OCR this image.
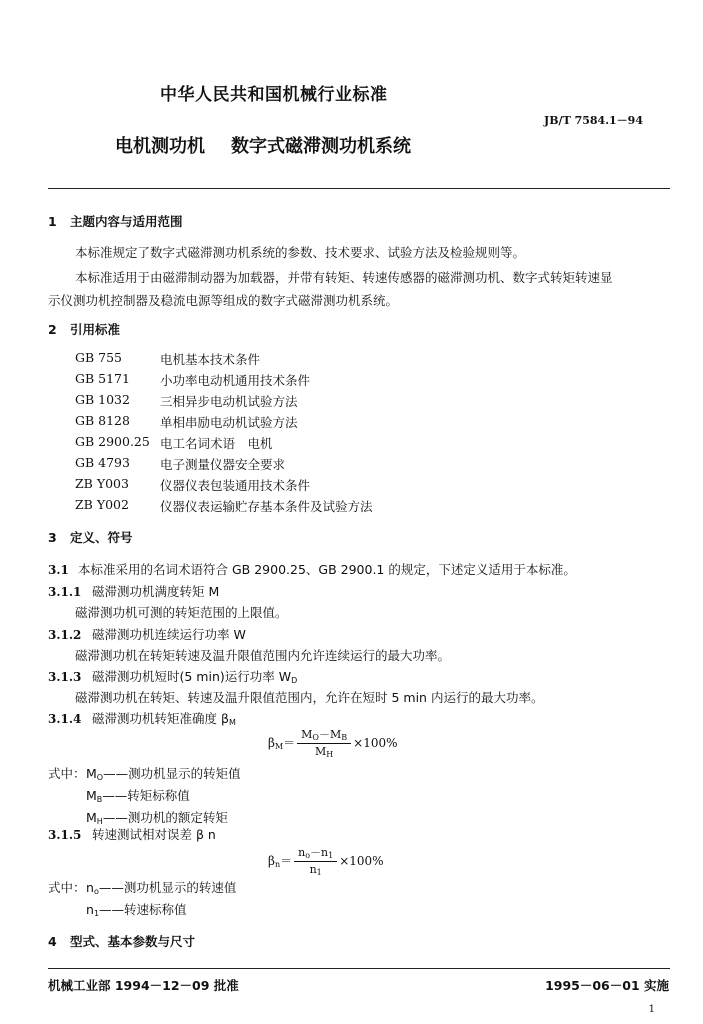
中华人民共和国机械行业标准
JB/T 7584.1－94
电机测功机 数字式磁滞测功机系统
1 主题内容与适用范围
本标准规定了数字式磁滞测功机系统的参数、技术要求、试验方法及检验规则等。
本标准适用于由磁滞制动器为加载器，并带有转矩、转速传感器的磁滞测功机、数字式转矩转速显
示仪测功机控制器及稳流电源等组成的数字式磁滞测功机系统。
2 引用标准
GB 755	电机基本技术条件
GB 5171 小功率电动机通用技术条件
GB 1032 三相异步电动机试验方法
GB 8128 单相串励电动机试验方法
GB 2900.25 电工名词术语　电机
GB 4793 电子测量仪器安全要求
ZB Y003 仪器仪表包装通用技术条件
ZB Y002 仪器仪表运输贮存基本条件及试验方法
3 定义、符号
3.1 本标准采用的名词术语符合 GB 2900.25、GB 2900.1 的规定，下述定义适用于本标准。
3.1.1 磁滞测功机满度转矩 M
磁滞测功机可测的转矩范围的上限值。
3.1.2 磁滞测功机连续运行功率 W
磁滞测功机在转矩转速及温升限值范围内允许连续运行的最大功率。
3.1.3 磁滞测功机短时(5 min)运行功率 $W_D$
磁滞测功机在转矩、转速及温升限值范围内，允许在短时 5 min 内运行的最大功率。
3.1.4 磁滞测功机转矩准确度 $\beta_M$
$\beta_M= \frac{M_O-M_B}{M_H} \times 100\%$
式中： $M_O——$测功机显示的转矩值
$M_B——$转矩标称值
$M_H——$测功机的额定转矩
3.1.5 转速测试相对误差 β n
$\beta_n= \frac{n_o-n_1}{n_1} \times 100\%$
式中： $n_o——$测功机显示的转速值
$n_1——$转速标称值
4 型式、基本参数与尺寸
机械工业部 1994－12－09 批准	1995－06－01 实施
1
